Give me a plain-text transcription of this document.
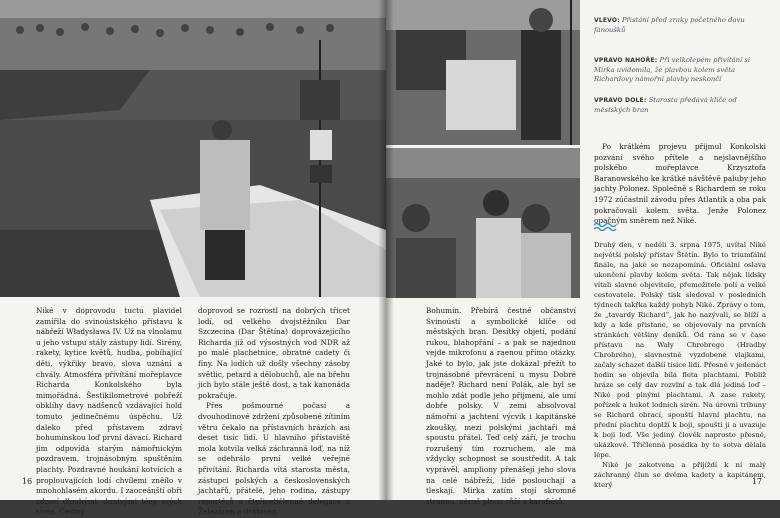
Niké v doprovodu tuctu plavidel zamířila do svinoústského přístavu k nábřeží Władysława IV. Už na vlnolamu u jeho vstupu stály zástupy lidí. Sirény, rakety, kytice květů, hudba, pobíhající děti, výkřiky bravo, slova uznání a chvály. Atmosféra přivítání mořeplavce Richarda Konkolského byla mimořádná. Šestikilometrové pobřeží obklíhy davy nadšenců vzdávající hold tomuto jedinečnému úspěchu. Už daleko před přístavem zdraví bohumínskou loď první dávací. Richard jim odpovídá starým námořnickým pozdravem, trojnásobným spuštěním plachty. Pozdravné houkání kotvících a proplouvajících lodí chvílemi zněílo v mnohohlasém akordu. I zaoceánští obři zdraví dlouhými, dunivými tóny svých sirén. Čestný

doprovod se rozrostl na dobrých třicet lodí, od velkého dvojstěžníku Dar Szczecina (Dar Štětína) doprovázejícího Richarda již od výsostných vod NDR až po malé plachetnice, obratné cadety či fíny. Na lodích už došly všechny zásoby světlic, petard a dělobuchů, ale na břehu jich bylo stále ještě dost, a tak kanonáda pokračuje.

Přes pošmourné počasí a dvouhodinové zdržení způsobené zítiním větru čekalo na přístavních hrázích asi deset tisíc lidí. U hlavního přístaviště mola kotvila velká záchranná loď, na níž se odehrálo první velké veřejné přivítání. Richarda vítá starosta města, zástupci polských a československých jachtařů, přátelé, jeho rodina, zástupy reportérů a čtyřicetičlenná delegace z Železáren a drátoven

16
VLEVO: Přistání před zraky početného davu fanoušků
VPRAVO NAHOŘE: Při velkolepém přivítání si Mirka uvidomila, že plavbou kolem světa Richardovy námořní plavby neskončí
VPRAVO DOLE: Starosta předává klíče od městských bran

Po krátkém projevu přijmul Konkolski pozvání svého přítele a nejslavnějšího polského mořeplavce Krzysztofa Baranowského ke krátké návštěvě paluby jeho jachty Polonez. Společně s Richardem se roku 1972 zúčastnil závodu přes Atlantik a oba pak pokračovali kolem světa. Jenže Polonez opačným směrem než Niké.

Druhý den, v neděli 3. srpna 1975, uvítal Niké největší polský přístav Štětín. Bylo to triumfální finále, na jaké se nezapomíná. Oficiální oslava ukončení plavby kolem světa. Tak nějak lidsky vítali slavné objevitele, přemožitele polí a velké cestovatele. Polský tisk sledoval v posledních týdnech takřka každý pohyb Niké. Zprávy o tom, že „tavardy Richard“, jak ho nazývali, se blíží a kdy a kde přistane, se objevovaly na prvních stránkách většiny deníků. Od rána se v čase přístavu na Wały Chrobrego (Hradby Chrobrého), slavnostně vyzdobené vlajkami, začaly schazet dalšíí tisíce lidí. Přesně v jedenáct hodin se objevila bílá fleta plachtami. Pobliž hráze se celý dav rozvlní a tak dlá jediná loď – Niké pod plnými plachtami. A zase rakety, pořízek a hukot lodních sirén. Na úrovni tribuny se Richard obrací, spouští hlavní plachtu, na přední plachtu doplží k boji, spouští ji a uvazuje k boji loď. Vše jediný člověk naprosto přesně, ukázkově. Třičlenná posádka by to sotva dělala lépe.

Niké je zakotvena a přijíždí k ní malý záchranný člun se dvěma kadety a kapitánem, který

Bohumín. Přebírá čestné občanství Svinoústí a symbolické klíče od městských bran. Desítky objetí, podání rukou, blahopřání – a pak se najednou vejde mikrofonu a raenou přímo otázky. Jaké to bylo, jak jste dokázal přežít to trojnásobné převrácení u mysu Dobré naděje? Richard není Polák, ale byl se mohlo zdát podle jeho přijmení, ale umí dobře polsky. V zemi absolvoval námořní a jachtení výcvik i kapitánské zkoušky, mezi polskými jachtaři má spoustu přátel. Teď celý září, je trochu rozrušený tím rozruchem, ale má vždycky schopnost se soustředit. A tak vyprávěl, ampliony přenášejí jeho slova na celé nábřeží, lidé poslouchají a tleskají. Mirka zatím stojí skromně stranou, náruč plnou růží a karafiátů.

17
